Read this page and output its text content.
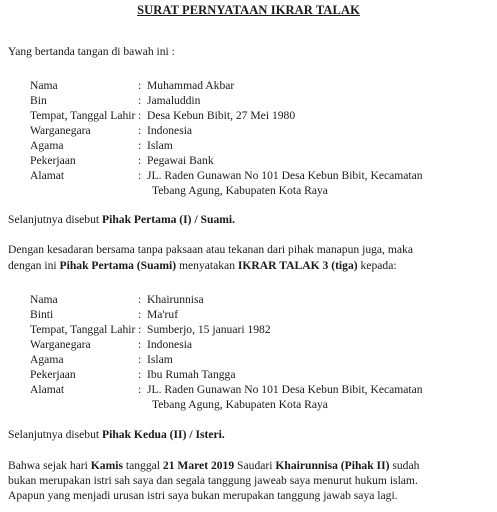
SURAT PERNYATAAN IKRAR TALAK
Yang bertanda tangan di bawah ini :
Nama	: Muhammad Akbar
Bin	: Jamaluddin
Tempat, Tanggal Lahir : Desa Kebun Bibit, 27 Mei 1980
Warganegara	: Indonesia
Agama	: Islam
Pekerjaan	: Pegawai Bank
Alamat	: JL. Raden Gunawan No 101 Desa Kebun Bibit, Kecamatan
Tebang Agung, Kabupaten Kota Raya
Selanjutnya disebut Pihak Pertama (I) / Suami.
Dengan kesadaran bersama tanpa paksaan atau tekanan dari pihak manapun juga, maka
dengan ini Pihak Pertama (Suami) menyatakan IKRAR TALAK 3 (tiga) kepada:
Nama	: Khairunnisa
Binti	: Ma'ruf
Tempat, Tanggal Lahir : Sumberjo, 15 januari 1982
Warganegara	: Indonesia
Agama	: Islam
Pekerjaan	: Ibu Rumah Tangga
Alamat	: JL. Raden Gunawan No 101 Desa Kebun Bibit, Kecamatan
Tebang Agung, Kabupaten Kota Raya
Selanjutnya disebut Pihak Kedua (II) / Isteri.
Bahwa sejak hari Kamis tanggal 21 Maret 2019 Saudari Khairunnisa (Pihak II) sudah
bukan merupakan istri sah saya dan segala tanggung jaweab saya menurut hukum islam.
Apapun yang menjadi urusan istri saya bukan merupakan tanggung jawab saya lagi.
